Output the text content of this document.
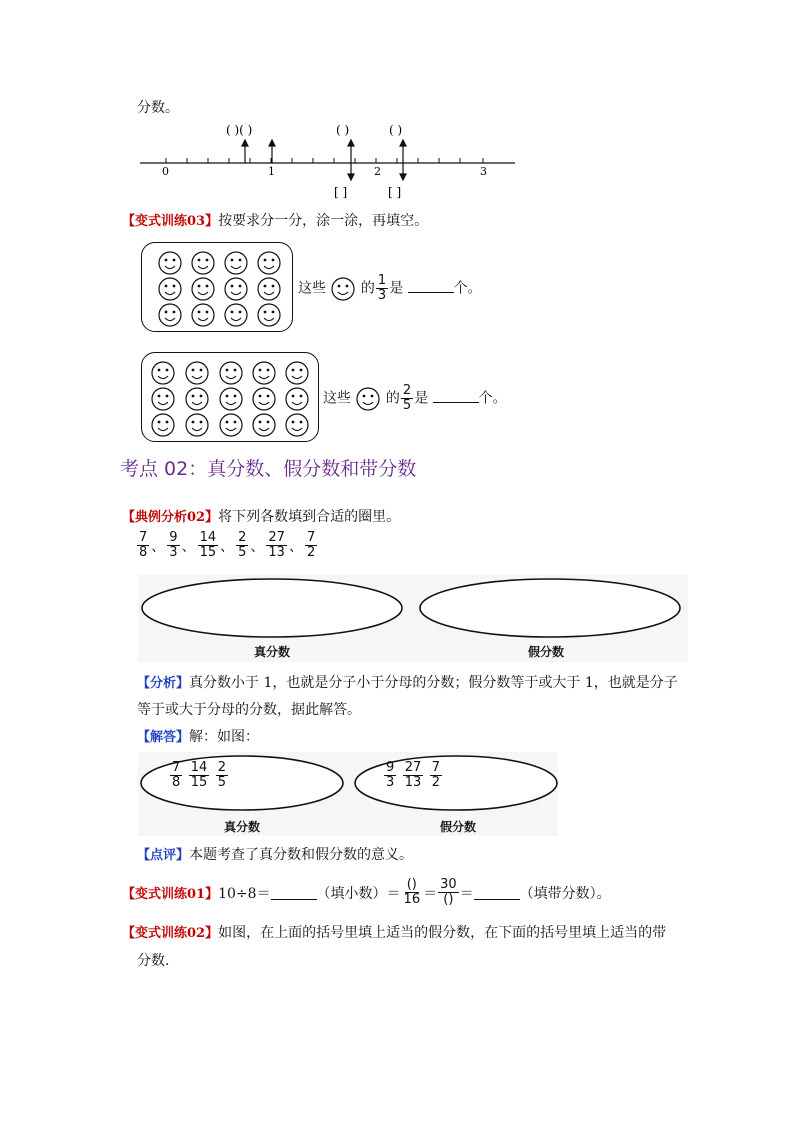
分数。
0	1	2	3
( )( )	( )	( )
[ ]	[ ]
【变式训练03】按要求分一分，涂一涂，再填空。
这些 的 $\frac{1}{3}$ 是	个。
这些 的 $\frac{2}{5}$ 是	个。
考点 02：真分数、假分数和带分数
【典例分析02】将下列各数填到合适的圈里。
$\frac{7}{8}$ 、 $\frac{9}{3}$ 、 $\frac{14}{15}$ 、 $\frac{2}{5}$ 、 $\frac{27}{13}$ 、 $\frac{7}{2}$
真分数	假分数
【分析】真分数小于 1，也就是分子小于分母的分数；假分数等于或大于 1，也就是分子
等于或大于分母的分数，据此解答。
【解答】解：如图：
$\frac{7}{8}$
$\frac{14}{15}$
$\frac{2}{5}$	$\frac{9}{3}$
$\frac{27}{13}$
$\frac{7}{2}$
真分数	假分数
【点评】本题考查了真分数和假分数的意义。
【变式训练01】 10÷8＝	（填小数）＝ $\frac{()}{16} = \frac{30}{()}$ ＝	（填带分数）。
【变式训练02】如图，在上面的括号里填上适当的假分数，在下面的括号里填上适当的带
分数.
